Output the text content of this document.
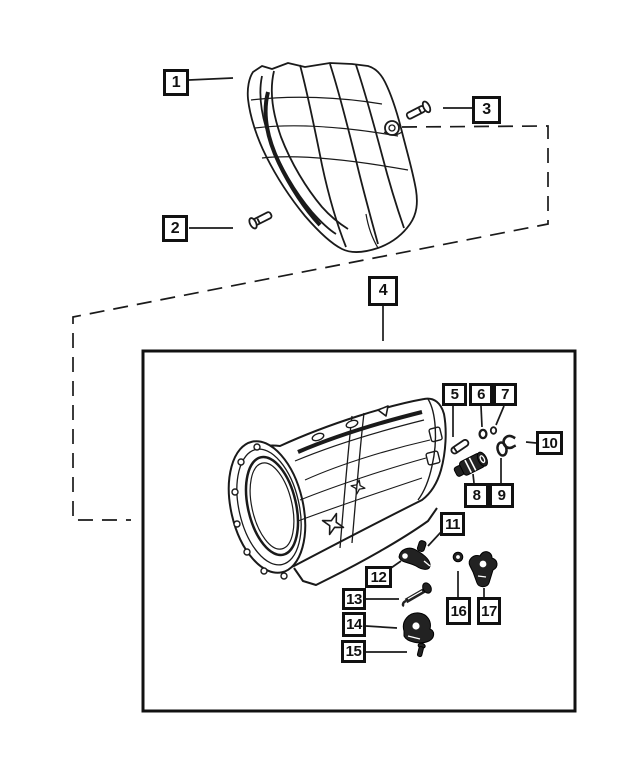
1
2
3
4
5	6	7
8	9
10
11
12
13
14
15
16 17
